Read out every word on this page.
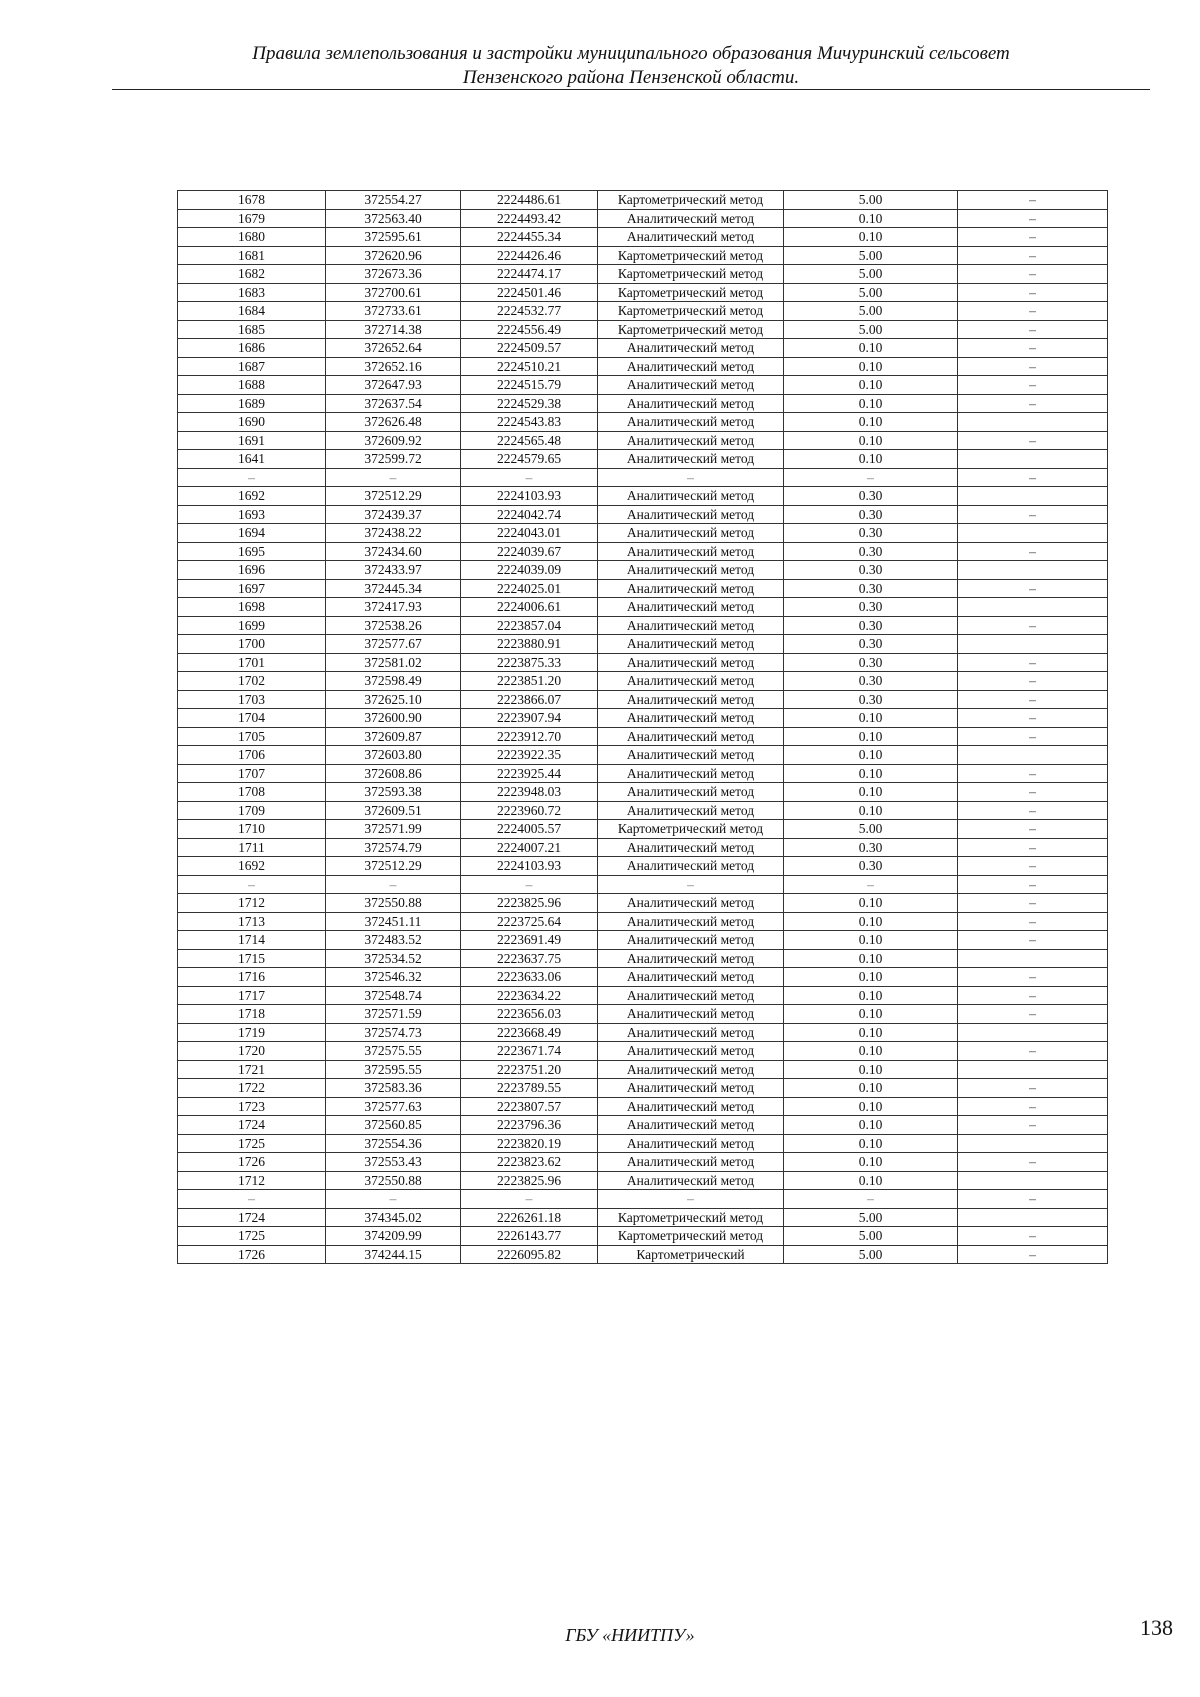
Правила землепользования и застройки муниципального образования Мичуринский сельсовет
Пензенского района Пензенской области.
1678	372554.27	2224486.61	Картометрический метод	5.00	–
1679	372563.40	2224493.42	Аналитический метод	0.10	–
1680	372595.61	2224455.34	Аналитический метод	0.10	–
1681	372620.96	2224426.46	Картометрический метод	5.00	–
1682	372673.36	2224474.17	Картометрический метод	5.00	–
1683	372700.61	2224501.46	Картометрический метод	5.00	–
1684	372733.61	2224532.77	Картометрический метод	5.00	–
1685	372714.38	2224556.49	Картометрический метод	5.00	–
1686	372652.64	2224509.57	Аналитический метод	0.10	–
1687	372652.16	2224510.21	Аналитический метод	0.10	–
1688	372647.93	2224515.79	Аналитический метод	0.10	–
1689	372637.54	2224529.38	Аналитический метод	0.10	–
1690	372626.48	2224543.83	Аналитический метод	0.10	
1691	372609.92	2224565.48	Аналитический метод	0.10	–
1641	372599.72	2224579.65	Аналитический метод	0.10	
–	–	–	–	–	–
1692	372512.29	2224103.93	Аналитический метод	0.30	
1693	372439.37	2224042.74	Аналитический метод	0.30	–
1694	372438.22	2224043.01	Аналитический метод	0.30	
1695	372434.60	2224039.67	Аналитический метод	0.30	–
1696	372433.97	2224039.09	Аналитический метод	0.30	
1697	372445.34	2224025.01	Аналитический метод	0.30	–
1698	372417.93	2224006.61	Аналитический метод	0.30	
1699	372538.26	2223857.04	Аналитический метод	0.30	–
1700	372577.67	2223880.91	Аналитический метод	0.30	
1701	372581.02	2223875.33	Аналитический метод	0.30	–
1702	372598.49	2223851.20	Аналитический метод	0.30	–
1703	372625.10	2223866.07	Аналитический метод	0.30	–
1704	372600.90	2223907.94	Аналитический метод	0.10	–
1705	372609.87	2223912.70	Аналитический метод	0.10	–
1706	372603.80	2223922.35	Аналитический метод	0.10	
1707	372608.86	2223925.44	Аналитический метод	0.10	–
1708	372593.38	2223948.03	Аналитический метод	0.10	–
1709	372609.51	2223960.72	Аналитический метод	0.10	–
1710	372571.99	2224005.57	Картометрический метод	5.00	–
1711	372574.79	2224007.21	Аналитический метод	0.30	–
1692	372512.29	2224103.93	Аналитический метод	0.30	–
–	–	–	–	–	–
1712	372550.88	2223825.96	Аналитический метод	0.10	–
1713	372451.11	2223725.64	Аналитический метод	0.10	–
1714	372483.52	2223691.49	Аналитический метод	0.10	–
1715	372534.52	2223637.75	Аналитический метод	0.10	
1716	372546.32	2223633.06	Аналитический метод	0.10	–
1717	372548.74	2223634.22	Аналитический метод	0.10	–
1718	372571.59	2223656.03	Аналитический метод	0.10	–
1719	372574.73	2223668.49	Аналитический метод	0.10	
1720	372575.55	2223671.74	Аналитический метод	0.10	–
1721	372595.55	2223751.20	Аналитический метод	0.10	
1722	372583.36	2223789.55	Аналитический метод	0.10	–
1723	372577.63	2223807.57	Аналитический метод	0.10	–
1724	372560.85	2223796.36	Аналитический метод	0.10	–
1725	372554.36	2223820.19	Аналитический метод	0.10	
1726	372553.43	2223823.62	Аналитический метод	0.10	–
1712	372550.88	2223825.96	Аналитический метод	0.10	
–	–	–	–	–	–
1724	374345.02	2226261.18	Картометрический метод	5.00	
1725	374209.99	2226143.77	Картометрический метод	5.00	–
1726	374244.15	2226095.82	Картометрический	5.00	–
ГБУ «НИИТПУ»	138
